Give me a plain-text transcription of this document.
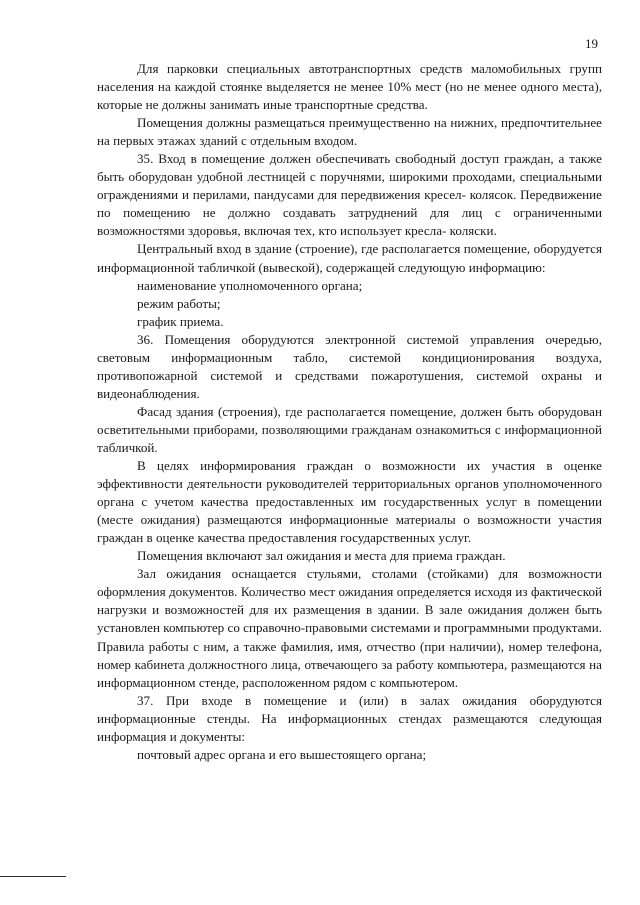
19

Для парковки специальных автотранспортных средств маломобильных групп населения на каждой стоянке выделяется не менее 10% мест (но не менее одного места), которые не должны занимать иные транспортные средства.

Помещения должны размещаться преимущественно на нижних, предпочтительнее на первых этажах зданий с отдельным входом.

35. Вход в помещение должен обеспечивать свободный доступ граждан, а также быть оборудован удобной лестницей с поручнями, широкими проходами, специальными ограждениями и перилами, пандусами для передвижения кресел- колясок. Передвижение по помещению не должно создавать затруднений для лиц с ограниченными возможностями здоровья, включая тех, кто использует кресла- коляски.

Центральный вход в здание (строение), где располагается помещение, оборудуется информационной табличкой (вывеской), содержащей следующую информацию:

наименование уполномоченного органа;

режим работы;

график приема.

36. Помещения оборудуются электронной системой управления очередью, световым информационным табло, системой кондиционирования воздуха, противопожарной системой и средствами пожаротушения, системой охраны и видеонаблюдения.

Фасад здания (строения), где располагается помещение, должен быть оборудован осветительными приборами, позволяющими гражданам ознакомиться с информационной табличкой.

В целях информирования граждан о возможности их участия в оценке эффективности деятельности руководителей территориальных органов уполномоченного органа с учетом качества предоставленных им государственных услуг в помещении (месте ожидания) размещаются информационные материалы о возможности участия граждан в оценке качества предоставления государственных услуг.

Помещения включают зал ожидания и места для приема граждан.

Зал ожидания оснащается стульями, столами (стойками) для возможности оформления документов. Количество мест ожидания определяется исходя из фактической нагрузки и возможностей для их размещения в здании. В зале ожидания должен быть установлен компьютер со справочно-правовыми системами и программными продуктами. Правила работы с ним, а также фамилия, имя, отчество (при наличии), номер телефона, номер кабинета должностного лица, отвечающего за работу компьютера, размещаются на информационном стенде, расположенном рядом с компьютером.

37. При входе в помещение и (или) в залах ожидания оборудуются информационные стенды. На информационных стендах размещаются следующая информация и документы:

почтовый адрес органа и его вышестоящего органа;
